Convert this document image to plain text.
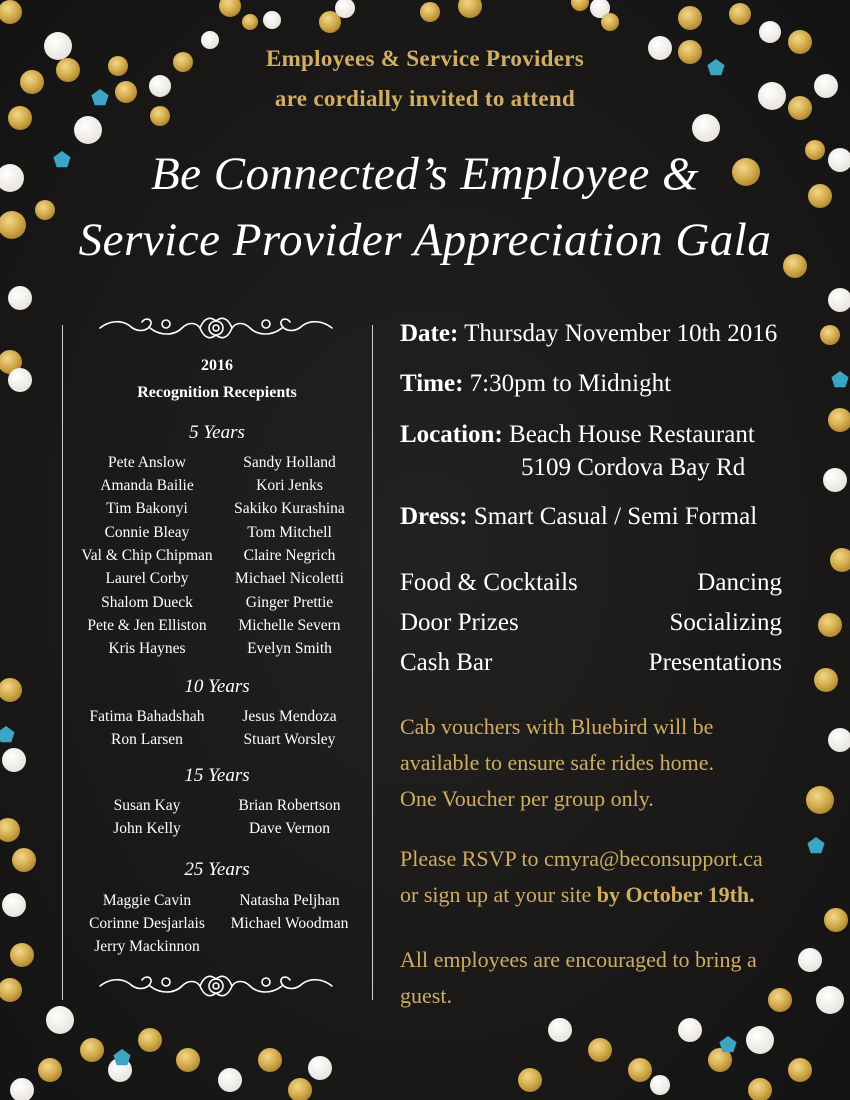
Employees & Service Providers
are cordially invited to attend
Be Connected’s Employee &
Service Provider Appreciation Gala
2016
Recognition Recepients
5 Years
Pete Anslow	Sandy Holland
Amanda Bailie	Kori Jenks
Tim Bakonyi	Sakiko Kurashina
Connie Bleay	Tom Mitchell
Val & Chip Chipman	Claire Negrich
Laurel Corby	Michael Nicoletti
Shalom Dueck	Ginger Prettie
Pete & Jen Elliston	Michelle Severn
Kris Haynes	Evelyn Smith
10 Years
Fatima Bahadshah	Jesus Mendoza
Ron Larsen	Stuart Worsley
15 Years
Susan Kay	Brian Robertson
John Kelly	Dave Vernon
25 Years
Maggie Cavin	Natasha Peljhan
Corinne Desjarlais	Michael Woodman
Jerry Mackinnon
Date: Thursday November 10th 2016
Time: 7:30pm to Midnight
Location: Beach House Restaurant
5109 Cordova Bay Rd
Dress: Smart Casual / Semi Formal
Food & Cocktails	Dancing
Door Prizes	Socializing
Cash Bar	Presentations
Cab vouchers with Bluebird will be
available to ensure safe rides home.
One Voucher per group only.
Please RSVP to cmyra@beconsupport.ca
or sign up at your site by October 19th.
All employees are encouraged to bring a
guest.
